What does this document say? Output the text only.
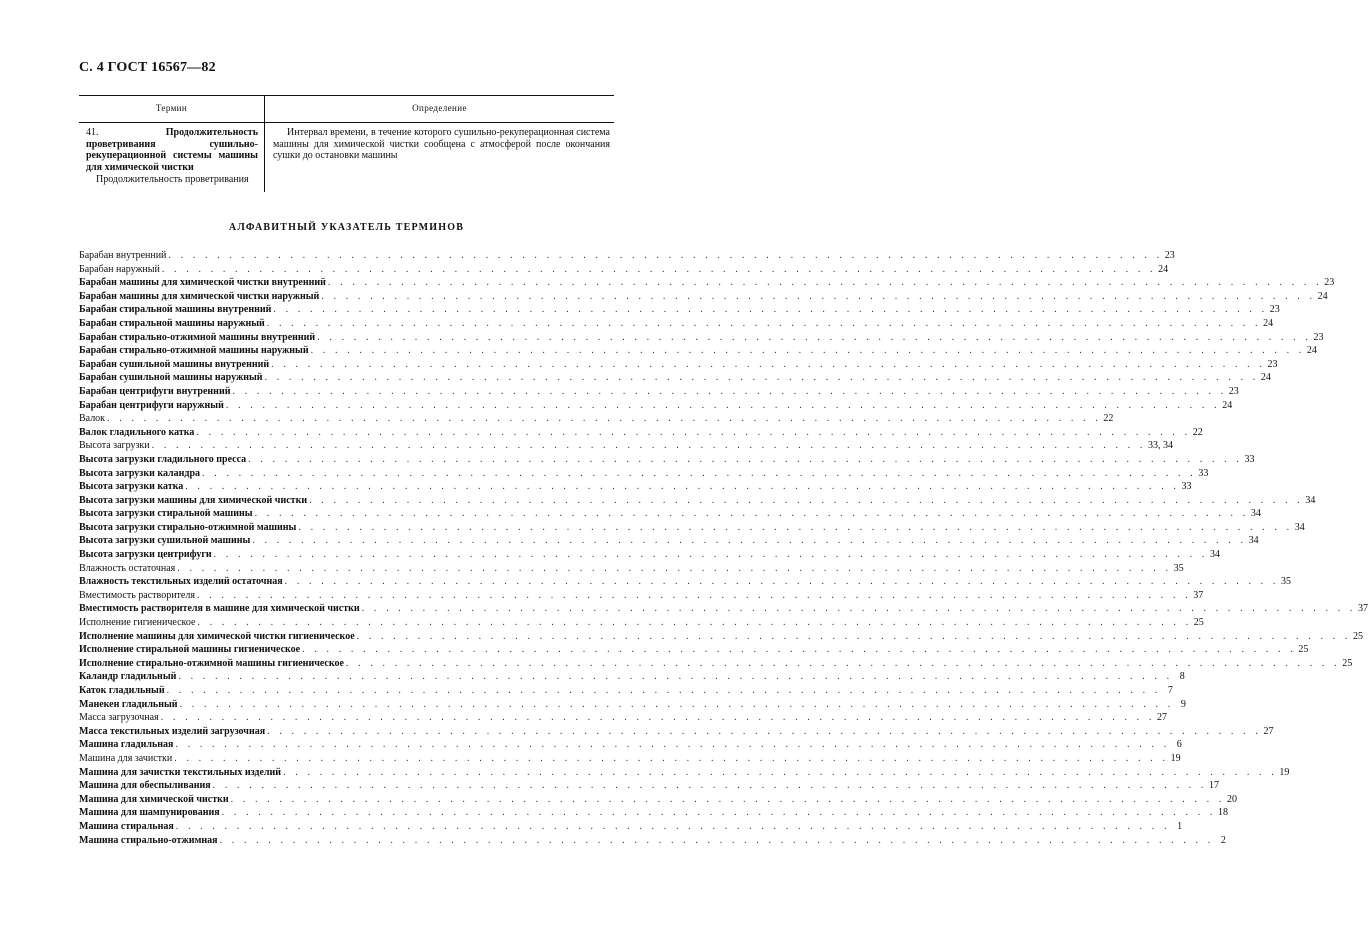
С. 4 ГОСТ 16567—82
Термин	Определение

41. Продолжительность проветривания сушильно-рекуперационной системы машины для химической чистки
Продолжительность проветривания	Интервал времени, в течение которого сушильно-рекуперационная система машины для химической чистки сообщена с атмосферой после окончания сушки до остановки машины
АЛФАВИТНЫЙ УКАЗАТЕЛЬ ТЕРМИНОВ
Барабан внутренний . . . . . . . . . . . . . . . . . . . . . . . . . . . . . . . . . . . . . . . . . . . . . . . . . . . . . . . . . . . . . . . . . . . . . . . . . . . . . . . . . . 23
Барабан наружный . . . . . . . . . . . . . . . . . . . . . . . . . . . . . . . . . . . . . . . . . . . . . . . . . . . . . . . . . . . . . . . . . . . . . . . . . . . . . . . . . . 24
Барабан машины для химической чистки внутренний . . . . . . . . . . . . . . . . . . . . . . . . . . . . . . . . . . . . . . . . . . . . . . . . . . . . . . . . . . . . . . . . . . . . . . . . . . . . . . . . . . 23
Барабан машины для химической чистки наружный . . . . . . . . . . . . . . . . . . . . . . . . . . . . . . . . . . . . . . . . . . . . . . . . . . . . . . . . . . . . . . . . . . . . . . . . . . . . . . . . . . 24
Барабан стиральной машины внутренний . . . . . . . . . . . . . . . . . . . . . . . . . . . . . . . . . . . . . . . . . . . . . . . . . . . . . . . . . . . . . . . . . . . . . . . . . . . . . . . . . . 23
Барабан стиральной машины наружный . . . . . . . . . . . . . . . . . . . . . . . . . . . . . . . . . . . . . . . . . . . . . . . . . . . . . . . . . . . . . . . . . . . . . . . . . . . . . . . . . . 24
Барабан стирально-отжимной машины внутренний . . . . . . . . . . . . . . . . . . . . . . . . . . . . . . . . . . . . . . . . . . . . . . . . . . . . . . . . . . . . . . . . . . . . . . . . . . . . . . . . . . 23
Барабан стирально-отжимной машины наружный . . . . . . . . . . . . . . . . . . . . . . . . . . . . . . . . . . . . . . . . . . . . . . . . . . . . . . . . . . . . . . . . . . . . . . . . . . . . . . . . . . 24
Барабан сушильной машины внутренний . . . . . . . . . . . . . . . . . . . . . . . . . . . . . . . . . . . . . . . . . . . . . . . . . . . . . . . . . . . . . . . . . . . . . . . . . . . . . . . . . . 23
Барабан сушильной машины наружный . . . . . . . . . . . . . . . . . . . . . . . . . . . . . . . . . . . . . . . . . . . . . . . . . . . . . . . . . . . . . . . . . . . . . . . . . . . . . . . . . . 24
Барабан центрифуги внутренний . . . . . . . . . . . . . . . . . . . . . . . . . . . . . . . . . . . . . . . . . . . . . . . . . . . . . . . . . . . . . . . . . . . . . . . . . . . . . . . . . . 23
Барабан центрифуги наружный . . . . . . . . . . . . . . . . . . . . . . . . . . . . . . . . . . . . . . . . . . . . . . . . . . . . . . . . . . . . . . . . . . . . . . . . . . . . . . . . . . 24
Валок . . . . . . . . . . . . . . . . . . . . . . . . . . . . . . . . . . . . . . . . . . . . . . . . . . . . . . . . . . . . . . . . . . . . . . . . . . . . . . . . . . 22
Валок гладильного катка . . . . . . . . . . . . . . . . . . . . . . . . . . . . . . . . . . . . . . . . . . . . . . . . . . . . . . . . . . . . . . . . . . . . . . . . . . . . . . . . . . 22
Высота загрузки . . . . . . . . . . . . . . . . . . . . . . . . . . . . . . . . . . . . . . . . . . . . . . . . . . . . . . . . . . . . . . . . . . . . . . . . . . . . . . . . . . 33, 34
Высота загрузки гладильного пресса . . . . . . . . . . . . . . . . . . . . . . . . . . . . . . . . . . . . . . . . . . . . . . . . . . . . . . . . . . . . . . . . . . . . . . . . . . . . . . . . . . 33
Высота загрузки каландра . . . . . . . . . . . . . . . . . . . . . . . . . . . . . . . . . . . . . . . . . . . . . . . . . . . . . . . . . . . . . . . . . . . . . . . . . . . . . . . . . . 33
Высота загрузки катка . . . . . . . . . . . . . . . . . . . . . . . . . . . . . . . . . . . . . . . . . . . . . . . . . . . . . . . . . . . . . . . . . . . . . . . . . . . . . . . . . . 33
Высота загрузки машины для химической чистки . . . . . . . . . . . . . . . . . . . . . . . . . . . . . . . . . . . . . . . . . . . . . . . . . . . . . . . . . . . . . . . . . . . . . . . . . . . . . . . . . . 34
Высота загрузки стиральной машины . . . . . . . . . . . . . . . . . . . . . . . . . . . . . . . . . . . . . . . . . . . . . . . . . . . . . . . . . . . . . . . . . . . . . . . . . . . . . . . . . . 34
Высота загрузки стирально-отжимной машины . . . . . . . . . . . . . . . . . . . . . . . . . . . . . . . . . . . . . . . . . . . . . . . . . . . . . . . . . . . . . . . . . . . . . . . . . . . . . . . . . . 34
Высота загрузки сушильной машины . . . . . . . . . . . . . . . . . . . . . . . . . . . . . . . . . . . . . . . . . . . . . . . . . . . . . . . . . . . . . . . . . . . . . . . . . . . . . . . . . . 34
Высота загрузки центрифуги . . . . . . . . . . . . . . . . . . . . . . . . . . . . . . . . . . . . . . . . . . . . . . . . . . . . . . . . . . . . . . . . . . . . . . . . . . . . . . . . . . 34
Влажность остаточная . . . . . . . . . . . . . . . . . . . . . . . . . . . . . . . . . . . . . . . . . . . . . . . . . . . . . . . . . . . . . . . . . . . . . . . . . . . . . . . . . . 35
Влажность текстильных изделий остаточная . . . . . . . . . . . . . . . . . . . . . . . . . . . . . . . . . . . . . . . . . . . . . . . . . . . . . . . . . . . . . . . . . . . . . . . . . . . . . . . . . . 35
Вместимость растворителя . . . . . . . . . . . . . . . . . . . . . . . . . . . . . . . . . . . . . . . . . . . . . . . . . . . . . . . . . . . . . . . . . . . . . . . . . . . . . . . . . . 37
Вместимость растворителя в машине для химической чистки . . . . . . . . . . . . . . . . . . . . . . . . . . . . . . . . . . . . . . . . . . . . . . . . . . . . . . . . . . . . . . . . . . . . . . . . . . . . . . . . . . 37
Исполнение гигиеническое . . . . . . . . . . . . . . . . . . . . . . . . . . . . . . . . . . . . . . . . . . . . . . . . . . . . . . . . . . . . . . . . . . . . . . . . . . . . . . . . . . 25
Исполнение машины для химической чистки гигиеническое . . . . . . . . . . . . . . . . . . . . . . . . . . . . . . . . . . . . . . . . . . . . . . . . . . . . . . . . . . . . . . . . . . . . . . . . . . . . . . . . . . 25
Исполнение стиральной машины гигиеническое . . . . . . . . . . . . . . . . . . . . . . . . . . . . . . . . . . . . . . . . . . . . . . . . . . . . . . . . . . . . . . . . . . . . . . . . . . . . . . . . . . 25
Исполнение стирально-отжимной машины гигиеническое . . . . . . . . . . . . . . . . . . . . . . . . . . . . . . . . . . . . . . . . . . . . . . . . . . . . . . . . . . . . . . . . . . . . . . . . . . . . . . . . . . 25
Каландр гладильный . . . . . . . . . . . . . . . . . . . . . . . . . . . . . . . . . . . . . . . . . . . . . . . . . . . . . . . . . . . . . . . . . . . . . . . . . . . . . . . . . . 8
Каток гладильный . . . . . . . . . . . . . . . . . . . . . . . . . . . . . . . . . . . . . . . . . . . . . . . . . . . . . . . . . . . . . . . . . . . . . . . . . . . . . . . . . . 7
Манекен гладильный . . . . . . . . . . . . . . . . . . . . . . . . . . . . . . . . . . . . . . . . . . . . . . . . . . . . . . . . . . . . . . . . . . . . . . . . . . . . . . . . . . 9
Масса загрузочная . . . . . . . . . . . . . . . . . . . . . . . . . . . . . . . . . . . . . . . . . . . . . . . . . . . . . . . . . . . . . . . . . . . . . . . . . . . . . . . . . . 27
Масса текстильных изделий загрузочная . . . . . . . . . . . . . . . . . . . . . . . . . . . . . . . . . . . . . . . . . . . . . . . . . . . . . . . . . . . . . . . . . . . . . . . . . . . . . . . . . . 27
Машина гладильная . . . . . . . . . . . . . . . . . . . . . . . . . . . . . . . . . . . . . . . . . . . . . . . . . . . . . . . . . . . . . . . . . . . . . . . . . . . . . . . . . . 6
Машина для зачистки . . . . . . . . . . . . . . . . . . . . . . . . . . . . . . . . . . . . . . . . . . . . . . . . . . . . . . . . . . . . . . . . . . . . . . . . . . . . . . . . . . 19
Машина для зачистки текстильных изделий . . . . . . . . . . . . . . . . . . . . . . . . . . . . . . . . . . . . . . . . . . . . . . . . . . . . . . . . . . . . . . . . . . . . . . . . . . . . . . . . . . 19
Машина для обеспыливания . . . . . . . . . . . . . . . . . . . . . . . . . . . . . . . . . . . . . . . . . . . . . . . . . . . . . . . . . . . . . . . . . . . . . . . . . . . . . . . . . . 17
Машина для химической чистки . . . . . . . . . . . . . . . . . . . . . . . . . . . . . . . . . . . . . . . . . . . . . . . . . . . . . . . . . . . . . . . . . . . . . . . . . . . . . . . . . . 20
Машина для шампунирования . . . . . . . . . . . . . . . . . . . . . . . . . . . . . . . . . . . . . . . . . . . . . . . . . . . . . . . . . . . . . . . . . . . . . . . . . . . . . . . . . . 18
Машина стиральная . . . . . . . . . . . . . . . . . . . . . . . . . . . . . . . . . . . . . . . . . . . . . . . . . . . . . . . . . . . . . . . . . . . . . . . . . . . . . . . . . . 1
Машина стирально-отжимная . . . . . . . . . . . . . . . . . . . . . . . . . . . . . . . . . . . . . . . . . . . . . . . . . . . . . . . . . . . . . . . . . . . . . . . . . . . . . . . . . . 2
